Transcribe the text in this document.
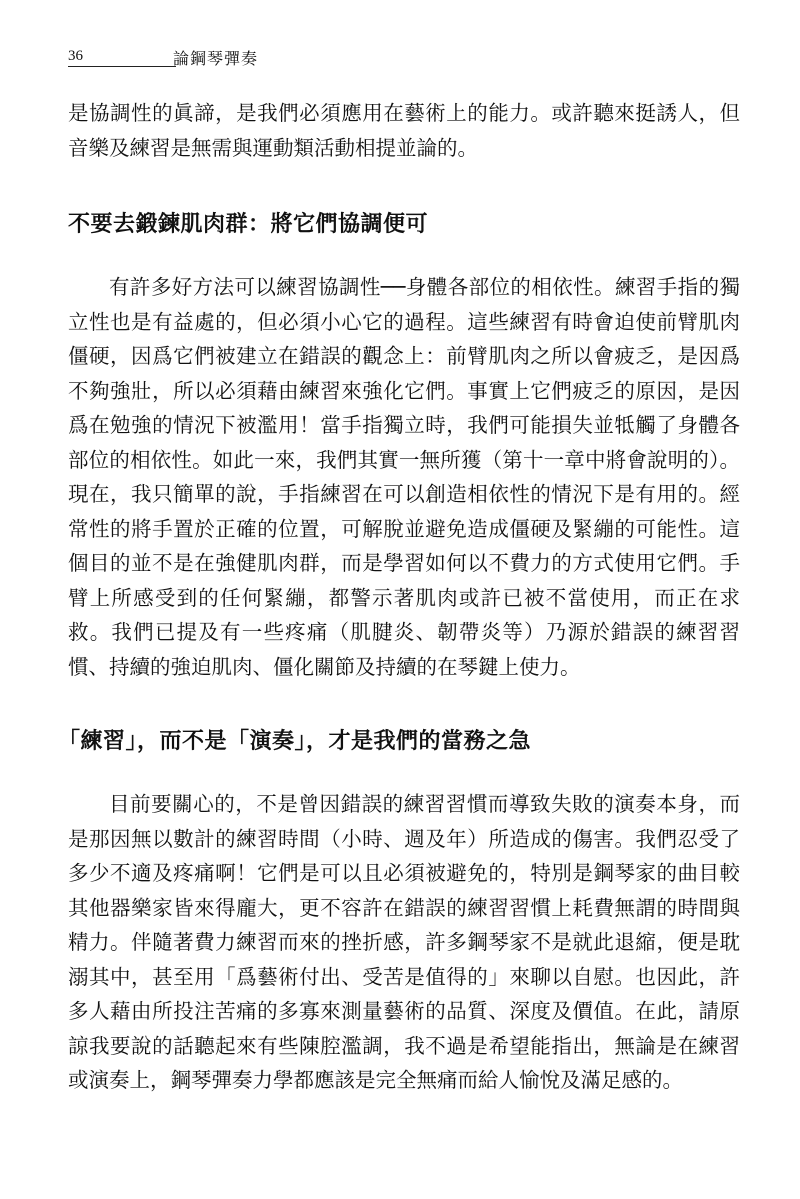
36	論鋼琴彈奏

是協調性的眞諦，是我們必須應用在藝術上的能力。或許聽來挺誘人，但音樂及練習是無需與運動類活動相提並論的。

不要去鍛鍊肌肉群：將它們協調便可

有許多好方法可以練習協調性──身體各部位的相依性。練習手指的獨立性也是有益處的，但必須小心它的過程。這些練習有時會迫使前臂肌肉僵硬，因爲它們被建立在錯誤的觀念上：前臂肌肉之所以會疲乏，是因爲不夠強壯，所以必須藉由練習來強化它們。事實上它們疲乏的原因，是因爲在勉強的情況下被濫用！當手指獨立時，我們可能損失並牴觸了身體各部位的相依性。如此一來，我們其實一無所獲（第十一章中將會說明的）。現在，我只簡單的說，手指練習在可以創造相依性的情況下是有用的。經常性的將手置於正確的位置，可解脫並避免造成僵硬及緊繃的可能性。這個目的並不是在強健肌肉群，而是學習如何以不費力的方式使用它們。手臂上所感受到的任何緊繃，都警示著肌肉或許已被不當使用，而正在求救。我們已提及有一些疼痛（肌腱炎、韌帶炎等）乃源於錯誤的練習習慣、持續的強迫肌肉、僵化關節及持續的在琴鍵上使力。

「練習」，而不是「演奏」，才是我們的當務之急

目前要關心的，不是曾因錯誤的練習習慣而導致失敗的演奏本身，而是那因無以數計的練習時間（小時、週及年）所造成的傷害。我們忍受了多少不適及疼痛啊！它們是可以且必須被避免的，特別是鋼琴家的曲目較其他器樂家皆來得龐大，更不容許在錯誤的練習習慣上耗費無謂的時間與精力。伴隨著費力練習而來的挫折感，許多鋼琴家不是就此退縮，便是耽溺其中，甚至用「爲藝術付出、受苦是值得的」來聊以自慰。也因此，許多人藉由所投注苦痛的多寡來測量藝術的品質、深度及價值。在此，請原諒我要說的話聽起來有些陳腔濫調，我不過是希望能指出，無論是在練習或演奏上，鋼琴彈奏力學都應該是完全無痛而給人愉悅及滿足感的。
